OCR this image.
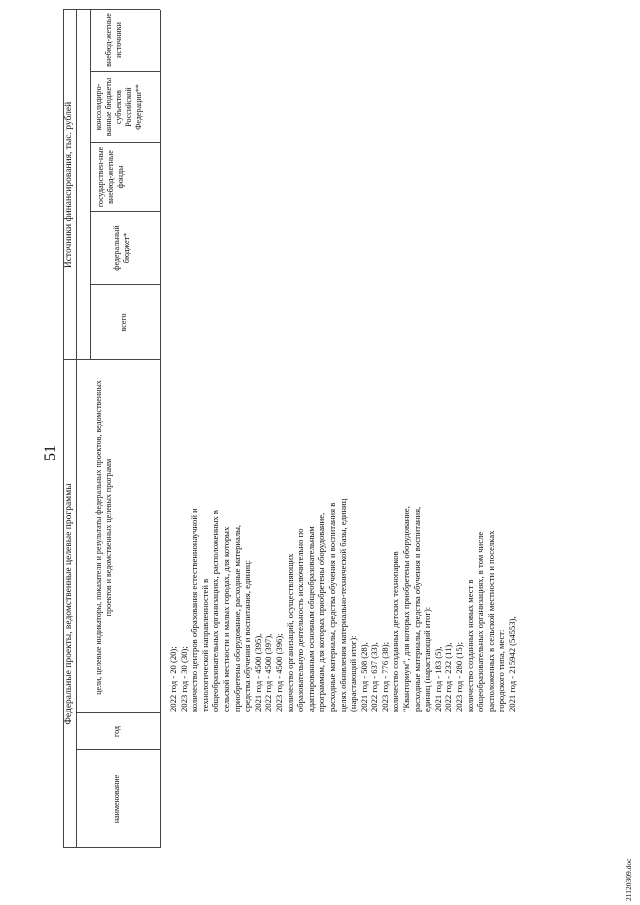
51
Федеральные проекты, ведомственные целевые программы
Источники финансирования, тыс. рублей
наименование
год
цели, целевые индикаторы, показатели и результаты федеральных проектов, ведомственных проектов и ведомственных целевых программ
всего
федеральный бюджет*
государствен-ные внебюд-жетные фонды
консолидиро-ванные бюджеты субъектов Российской Федерации**
внебюд-жетные источники
2022 год - 20 (20); 2023 год - 30 (30); количество центров образования естественнонаучной и технологической направленностей в общеобразовательных организациях, расположенных в сельской местности и малых городах, для которых приобретены оборудование, расходные материалы, средства обучения и воспитания, единиц: 2021 год - 4500 (395), 2022 год - 4500 (397), 2023 год - 4500 (396); количество организаций, осуществляющих образовательную деятельность исключительно по адаптированным основным общеобразовательным программам, для которых приобретены оборудование, расходные материалы, средства обучения и воспитания в целях обновления материально-технической базы, единиц (нарастающий итог): 2021 год - 508 (28), 2022 год - 637 (33), 2023 год - 776 (38); количество созданных детских технопарков "Кванториум", для которых приобретены оборудование, расходные материалы, средства обучения и воспитания, единиц (нарастающий итог): 2021 год - 183 (5), 2022 год - 232 (11), 2023 год - 280 (15); количество созданных новых мест в общеобразовательных организациях, в том числе расположенных в сельской местности и поселках городского типа, мест: 2021 год - 215942 (54553),
21120309.doc
